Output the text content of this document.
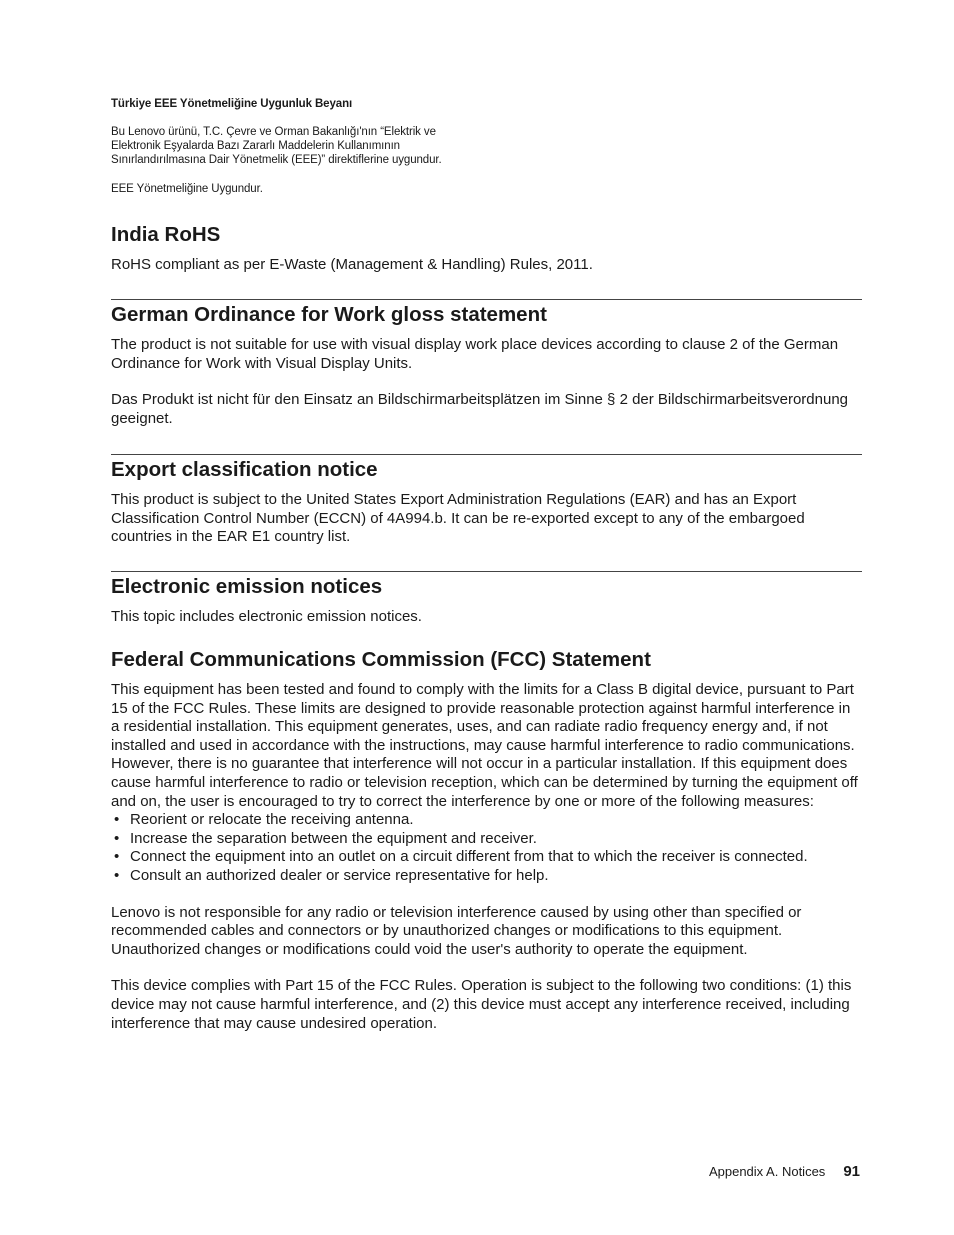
Türkiye EEE Yönetmeliğine Uygunluk Beyanı
Bu Lenovo ürünü, T.C. Çevre ve Orman Bakanlığı'nın “Elektrik ve
Elektronik Eşyalarda Bazı Zararlı Maddelerin Kullanımının
Sınırlandırılmasına Dair Yönetmelik (EEE)” direktiflerine uygundur.
EEE Yönetmeliğine Uygundur.
India RoHS

RoHS compliant as per E-Waste (Management & Handling) Rules, 2011.

German Ordinance for Work gloss statement

The product is not suitable for use with visual display work place devices according to clause 2 of the German Ordinance for Work with Visual Display Units.

Das Produkt ist nicht für den Einsatz an Bildschirmarbeitsplätzen im Sinne § 2 der Bildschirmarbeitsverordnung geeignet.

Export classification notice

This product is subject to the United States Export Administration Regulations (EAR) and has an Export Classification Control Number (ECCN) of 4A994.b. It can be re-exported except to any of the embargoed countries in the EAR E1 country list.

Electronic emission notices

This topic includes electronic emission notices.

Federal Communications Commission (FCC) Statement

This equipment has been tested and found to comply with the limits for a Class B digital device, pursuant to Part 15 of the FCC Rules. These limits are designed to provide reasonable protection against harmful interference in a residential installation. This equipment generates, uses, and can radiate radio frequency energy and, if not installed and used in accordance with the instructions, may cause harmful interference to radio communications. However, there is no guarantee that interference will not occur in a particular installation. If this equipment does cause harmful interference to radio or television reception, which can be determined by turning the equipment off and on, the user is encouraged to try to correct the interference by one or more of the following measures:

• Reorient or relocate the receiving antenna.
• Increase the separation between the equipment and receiver.
• Connect the equipment into an outlet on a circuit different from that to which the receiver is connected.
• Consult an authorized dealer or service representative for help.

Lenovo is not responsible for any radio or television interference caused by using other than specified or recommended cables and connectors or by unauthorized changes or modifications to this equipment. Unauthorized changes or modifications could void the user's authority to operate the equipment.

This device complies with Part 15 of the FCC Rules. Operation is subject to the following two conditions: (1) this device may not cause harmful interference, and (2) this device must accept any interference received, including interference that may cause undesired operation.

Appendix A. Notices 91
